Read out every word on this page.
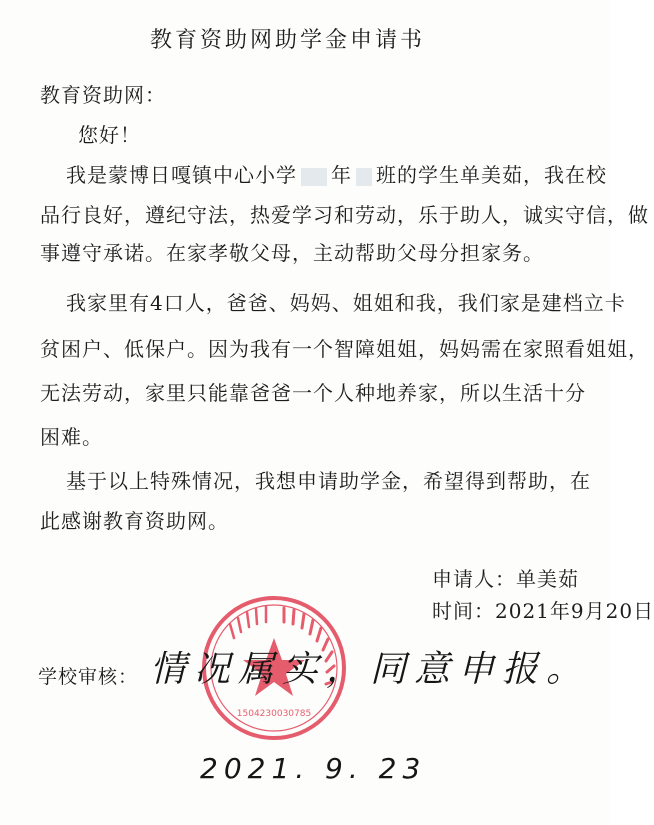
教育资助网助学金申请书
教育资助网：
您好！
我是蒙博日嘎镇中心小学 年 班的学生单美茹，我在校
品行良好，遵纪守法，热爱学习和劳动，乐于助人，诚实守信，做
事遵守承诺。在家孝敬父母，主动帮助父母分担家务。
我家里有4口人，爸爸、妈妈、姐姐和我，我们家是建档立卡
贫困户、低保户。因为我有一个智障姐姐，妈妈需在家照看姐姐，
无法劳动，家里只能靠爸爸一个人种地养家，所以生活十分
困难。
基于以上特殊情况，我想申请助学金，希望得到帮助，在
此感谢教育资助网。
申请人：单美茹
时间：2021年9月20日
1504230030785
学校审核： 情况属实，同意申报。
2021. 9. 23
